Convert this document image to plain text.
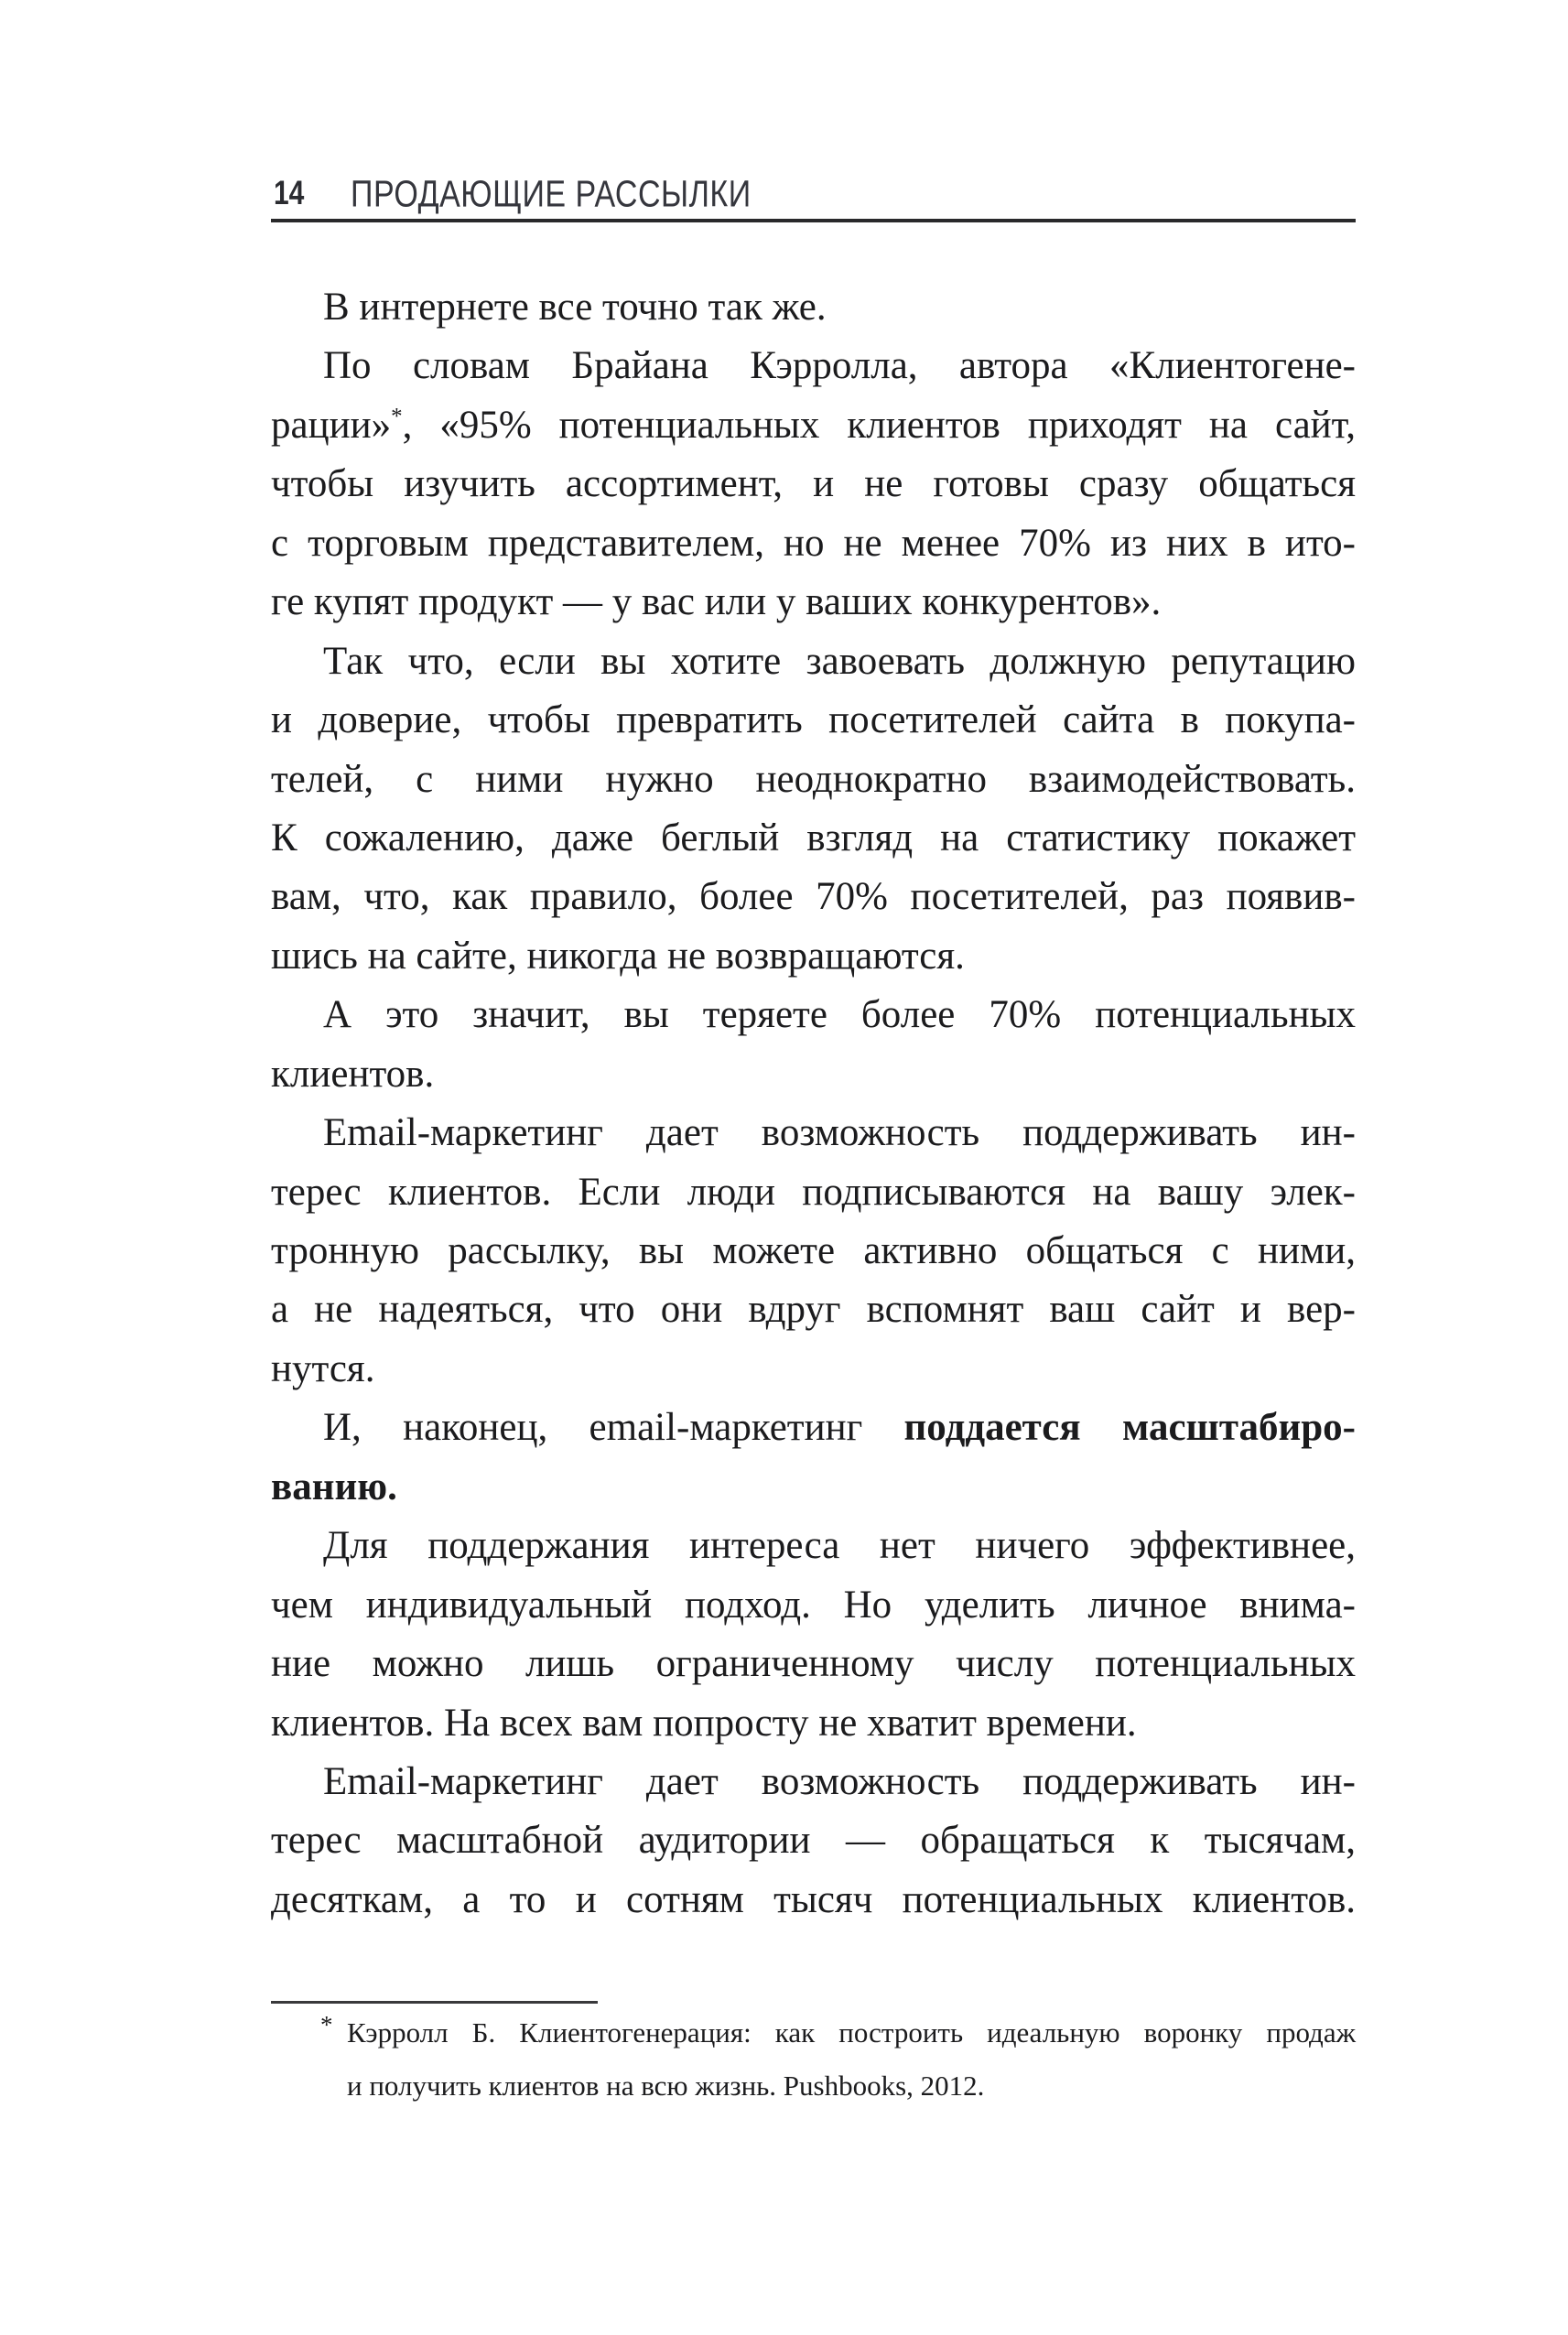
14 ПРОДАЮЩИЕ РАССЫЛКИ
В интернете все точно так же.
По словам Брайана Кэрролла, автора «Клиентогене-
рации»*, «95% потенциальных клиентов приходят на сайт,
чтобы изучить ассортимент, и не готовы сразу общаться
с торговым представителем, но не менее 70% из них в ито-
ге купят продукт — у вас или у ваших конкурентов».
Так что, если вы хотите завоевать должную репутацию
и доверие, чтобы превратить посетителей сайта в покупа-
телей, с ними нужно неоднократно взаимодействовать.
К сожалению, даже беглый взгляд на статистику покажет
вам, что, как правило, более 70% посетителей, раз появив-
шись на сайте, никогда не возвращаются.
А это значит, вы теряете более 70% потенциальных
клиентов.
Email-маркетинг дает возможность поддерживать ин-
терес клиентов. Если люди подписываются на вашу элек-
тронную рассылку, вы можете активно общаться с ними,
а не надеяться, что они вдруг вспомнят ваш сайт и вер-
нутся.
И, наконец, email-маркетинг поддается масштабиро-
ванию.
Для поддержания интереса нет ничего эффективнее,
чем индивидуальный подход. Но уделить личное внима-
ние можно лишь ограниченному числу потенциальных
клиентов. На всех вам попросту не хватит времени.
Email-маркетинг дает возможность поддерживать ин-
терес масштабной аудитории — обращаться к тысячам,
десяткам, а то и сотням тысяч потенциальных клиентов.
* Кэрролл Б. Клиентогенерация: как построить идеальную воронку продаж
и получить клиентов на всю жизнь. Pushbooks, 2012.
